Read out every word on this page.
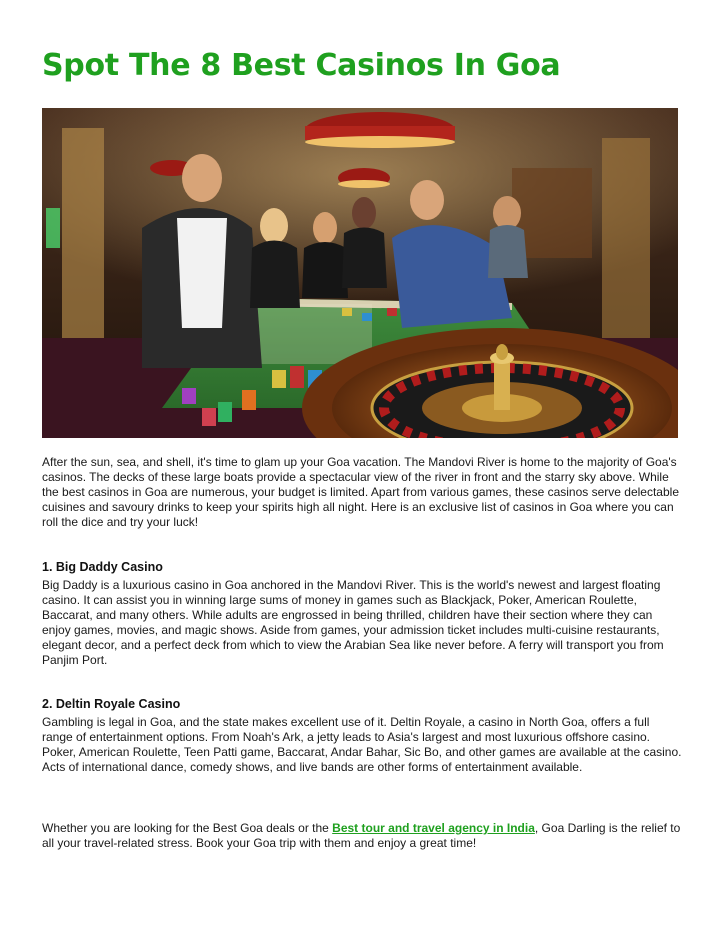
Spot The 8 Best Casinos In Goa

After the sun, sea, and shell, it's time to glam up your Goa vacation. The Mandovi River is home to the majority of Goa's casinos. The decks of these large boats provide a spectacular view of the river in front and the starry sky above. While the best casinos in Goa are numerous, your budget is limited. Apart from various games, these casinos serve delectable cuisines and savoury drinks to keep your spirits high all night. Here is an exclusive list of casinos in Goa where you can roll the dice and try your luck!

1. Big Daddy Casino

Big Daddy is a luxurious casino in Goa anchored in the Mandovi River. This is the world's newest and largest floating casino. It can assist you in winning large sums of money in games such as Blackjack, Poker, American Roulette, Baccarat, and many others. While adults are engrossed in being thrilled, children have their section where they can enjoy games, movies, and magic shows. Aside from games, your admission ticket includes multi-cuisine restaurants, elegant decor, and a perfect deck from which to view the Arabian Sea like never before. A ferry will transport you from Panjim Port.

2. Deltin Royale Casino

Gambling is legal in Goa, and the state makes excellent use of it. Deltin Royale, a casino in North Goa, offers a full range of entertainment options. From Noah's Ark, a jetty leads to Asia's largest and most luxurious offshore casino. Poker, American Roulette, Teen Patti game, Baccarat, Andar Bahar, Sic Bo, and other games are available at the casino. Acts of international dance, comedy shows, and live bands are other forms of entertainment available.

Whether you are looking for the Best Goa deals or the Best tour and travel agency in India, Goa Darling is the relief to all your travel-related stress. Book your Goa trip with them and enjoy a great time!
